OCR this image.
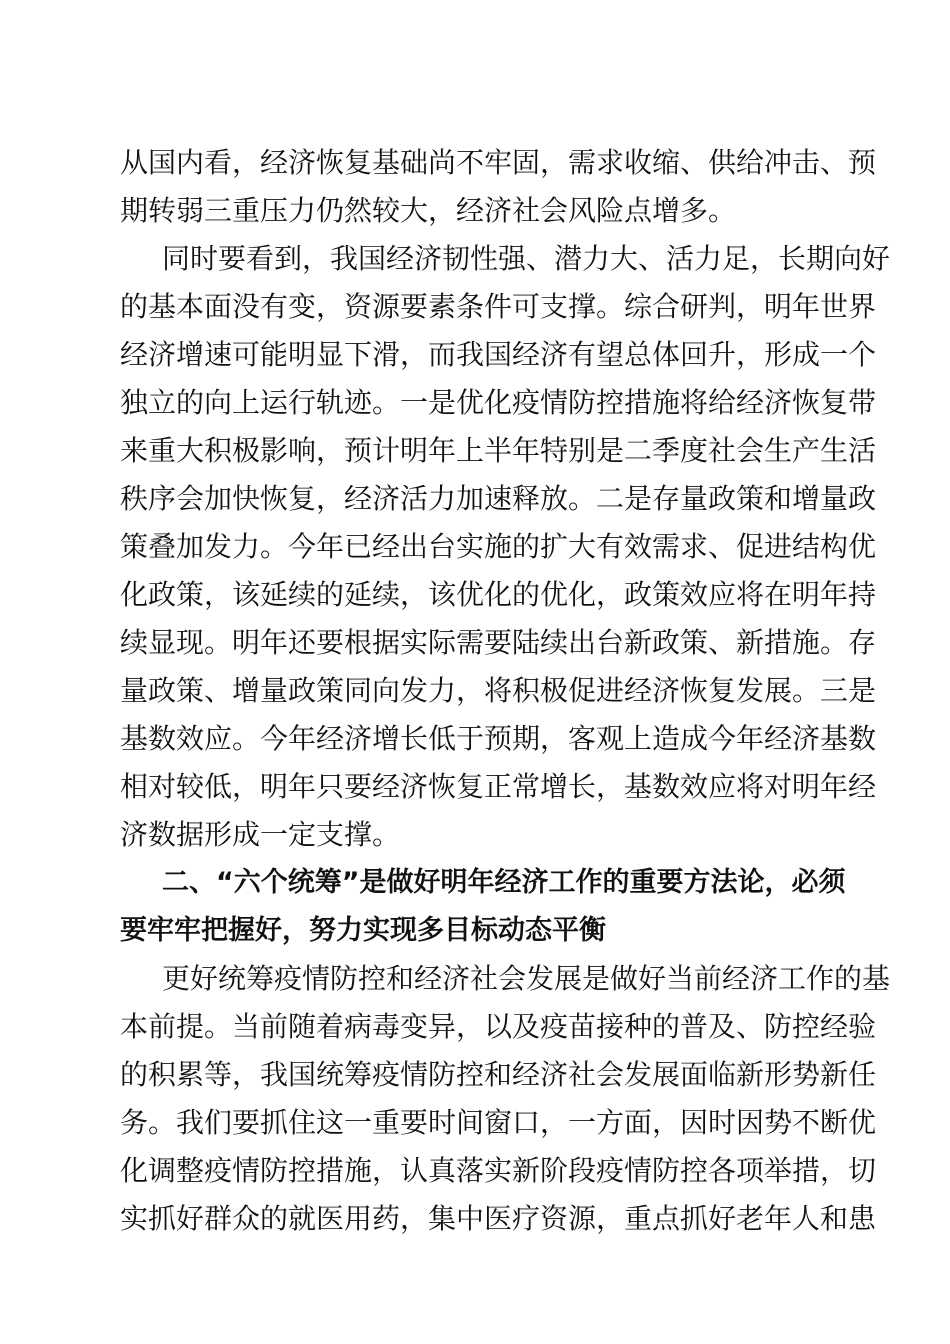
从国内看，经济恢复基础尚不牢固，需求收缩、供给冲击、预
期转弱三重压力仍然较大，经济社会风险点增多。
同时要看到，我国经济韧性强、潜力大、活力足，长期向好
的基本面没有变，资源要素条件可支撑。综合研判，明年世界
经济增速可能明显下滑，而我国经济有望总体回升，形成一个
独立的向上运行轨迹。一是优化疫情防控措施将给经济恢复带
来重大积极影响，预计明年上半年特别是二季度社会生产生活
秩序会加快恢复，经济活力加速释放。二是存量政策和增量政
策叠加发力。今年已经出台实施的扩大有效需求、促进结构优
化政策，该延续的延续，该优化的优化，政策效应将在明年持
续显现。明年还要根据实际需要陆续出台新政策、新措施。存
量政策、增量政策同向发力，将积极促进经济恢复发展。三是
基数效应。今年经济增长低于预期，客观上造成今年经济基数
相对较低，明年只要经济恢复正常增长，基数效应将对明年经
济数据形成一定支撑。
二、“六个统筹”是做好明年经济工作的重要方法论，必须
要牢牢把握好，努力实现多目标动态平衡
更好统筹疫情防控和经济社会发展是做好当前经济工作的基
本前提。当前随着病毒变异，以及疫苗接种的普及、防控经验
的积累等，我国统筹疫情防控和经济社会发展面临新形势新任
务。我们要抓住这一重要时间窗口，一方面，因时因势不断优
化调整疫情防控措施，认真落实新阶段疫情防控各项举措，切
实抓好群众的就医用药，集中医疗资源，重点抓好老年人和患
